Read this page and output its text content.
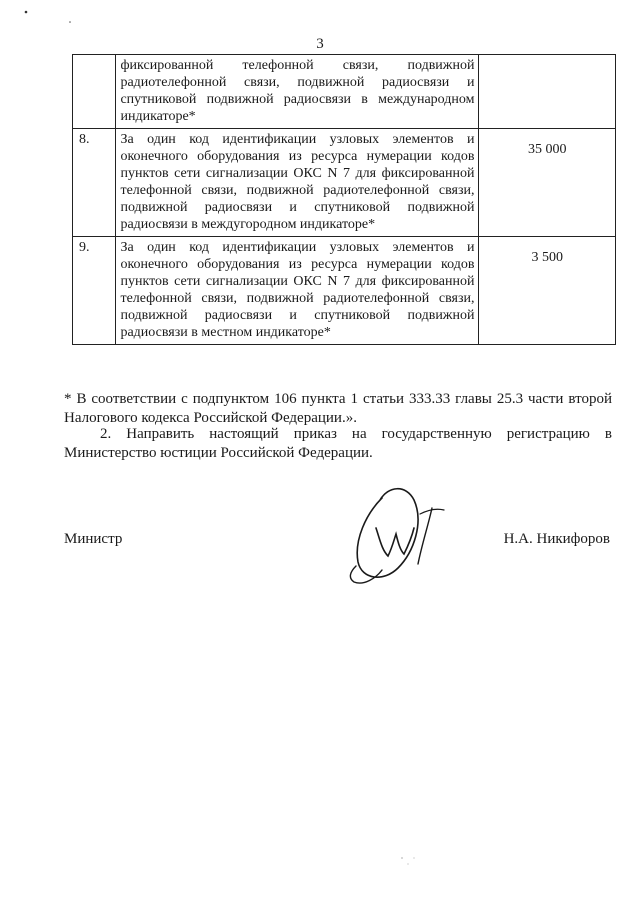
3
	фиксированной телефонной связи, подвижной радиотелефонной связи, подвижной радиосвязи и спутниковой подвижной радиосвязи в международном индикаторе*	

8.	За один код идентификации узловых элементов и оконечного оборудования из ресурса нумерации кодов пунктов сети сигнализации ОКС N 7 для фиксированной телефонной связи, подвижной радиотелефонной связи, подвижной радиосвязи и спутниковой подвижной радиосвязи в междугородном индикаторе*	35 000

9.	За один код идентификации узловых элементов и оконечного оборудования из ресурса нумерации кодов пунктов сети сигнализации ОКС N 7 для фиксированной телефонной связи, подвижной радиотелефонной связи, подвижной радиосвязи и спутниковой подвижной радиосвязи в местном индикаторе*	3 500
* В соответствии с подпунктом 106 пункта 1 статьи 333.33 главы 25.3 части второй Налогового кодекса Российской Федерации.».
2. Направить настоящий приказ на государственную регистрацию в Министерство юстиции Российской Федерации.
Министр	Н.А. Никифоров
